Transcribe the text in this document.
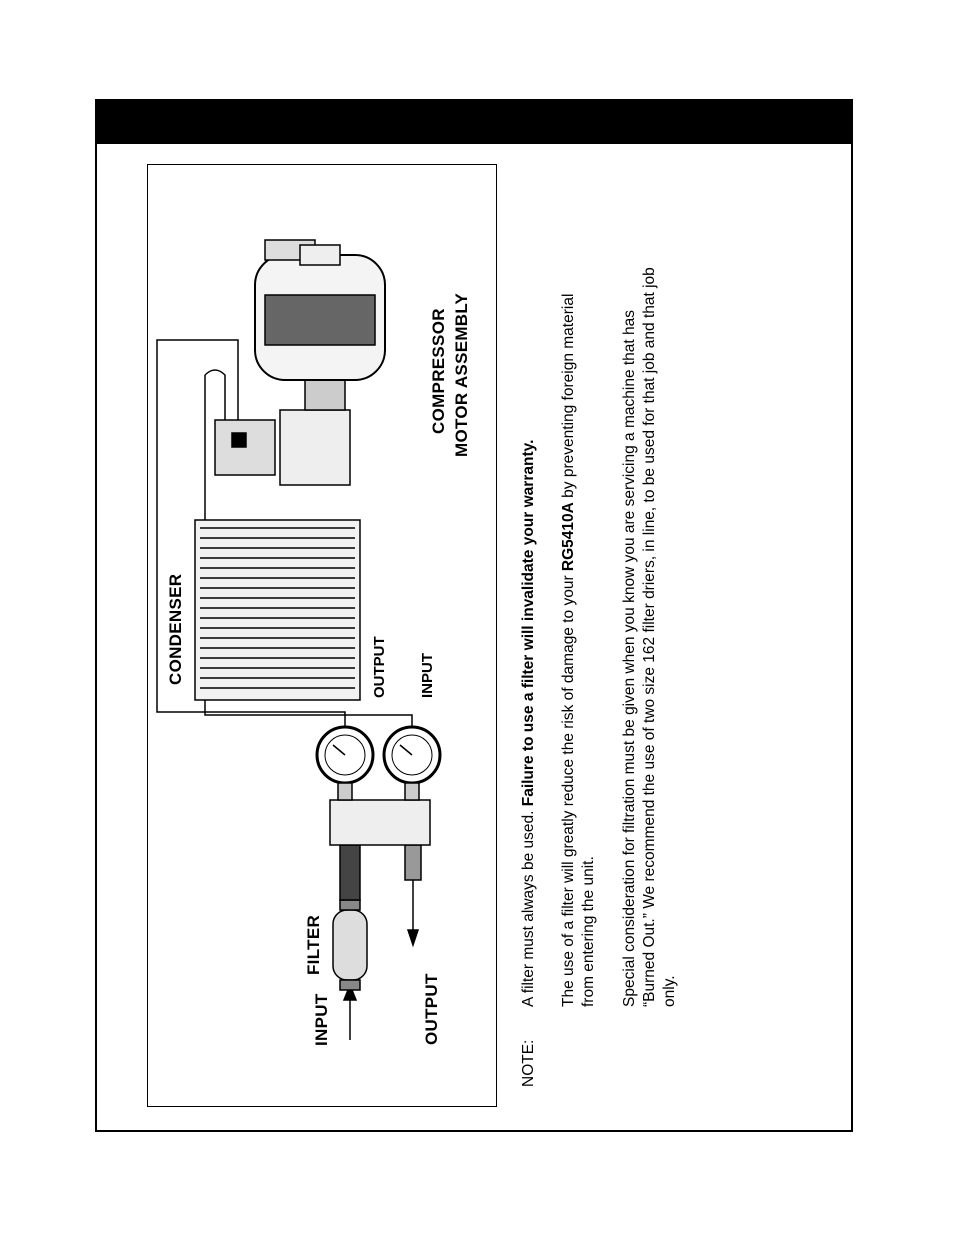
INPUT
FILTER
OUTPUT
CONDENSER	OUTPUT INPUT
COMPRESSOR MOTOR ASSEMBLY
NOTE:
A filter must always be used. Failure to use a filter will invalidate your warranty. The use of a filter will greatly reduce the risk of damage to your RG5410A by preventing foreign material
from entering the unit. Special consideration for filtration must be given when you know you are servicing a machine that has “Burned Out.” We recommend the use of two size 162 filter driers, in line, to be used for that job and that job only.
